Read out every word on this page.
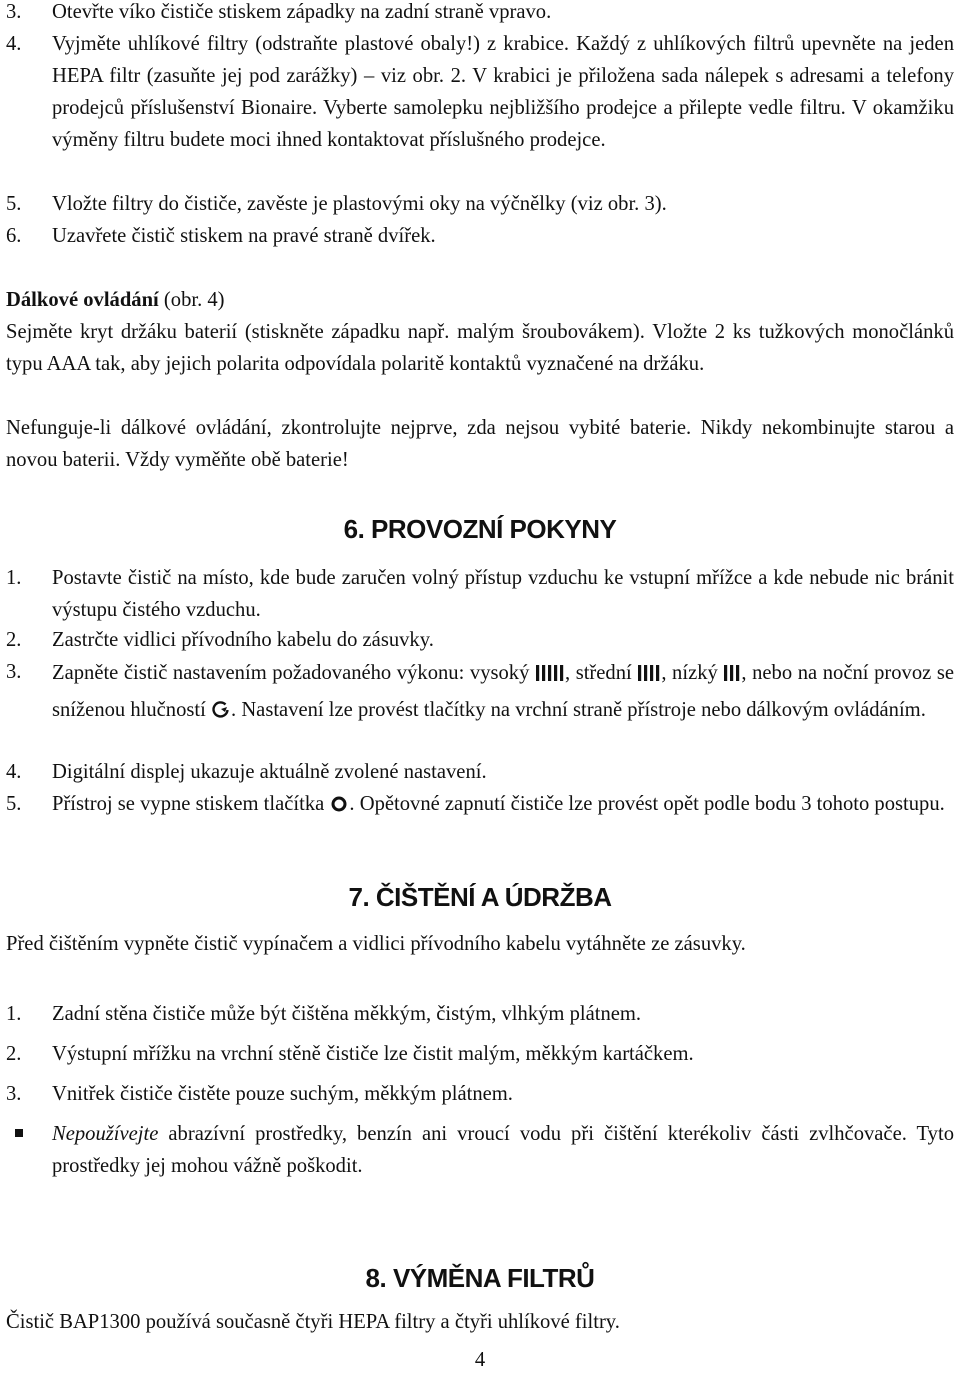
3. Otevřte víko čističe stiskem západky na zadní straně vpravo.
4. Vyjměte uhlíkové filtry (odstraňte plastové obaly!) z krabice. Každý z uhlíkových filtrů upevněte na jeden HEPA filtr (zasuňte jej pod zarážky) – viz obr. 2. V krabici je přiložena sada nálepek s adresami a telefony prodejců příslušenství Bionaire. Vyberte samolepku nejbližšího prodejce a přilepte vedle filtru. V okamžiku výměny filtru budete moci ihned kontaktovat příslušného prodejce.
5. Vložte filtry do čističe, zavěste je plastovými oky na výčnělky (viz obr. 3).
6. Uzavřete čistič stiskem na pravé straně dvířek.
Dálkové ovládání (obr. 4)
Sejměte kryt držáku baterií (stiskněte západku např. malým šroubovákem). Vložte 2 ks tužkových monočlánků typu AAA tak, aby jejich polarita odpovídala polaritě kontaktů vyznačené na držáku.
Nefunguje-li dálkové ovládání, zkontrolujte nejprve, zda nejsou vybité baterie. Nikdy nekombinujte starou a novou baterii. Vždy vyměňte obě baterie!
6. PROVOZNÍ POKYNY
1. Postavte čistič na místo, kde bude zaručen volný přístup vzduchu ke vstupní mřížce a kde nebude nic bránit výstupu čistého vzduchu.
2. Zastrčte vidlici přívodního kabelu do zásuvky.
3. Zapněte čistič nastavením požadovaného výkonu: vysoký , střední , nízký , nebo na noční provoz se sníženou hlučností . Nastavení lze provést tlačítky na vrchní straně přístroje nebo dálkovým ovládáním.
4. Digitální displej ukazuje aktuálně zvolené nastavení.
5. Přístroj se vypne stiskem tlačítka . Opětovné zapnutí čističe lze provést opět podle bodu 3 tohoto postupu.
7. ČIŠTĚNÍ A ÚDRŽBA
Před čištěním vypněte čistič vypínačem a vidlici přívodního kabelu vytáhněte ze zásuvky.
1. Zadní stěna čističe může být čištěna měkkým, čistým, vlhkým plátnem.
2. Výstupní mřížku na vrchní stěně čističe lze čistit malým, měkkým kartáčkem.
3. Vnitřek čističe čistěte pouze suchým, měkkým plátnem.
Nepoužívejte abrazívní prostředky, benzín ani vroucí vodu při čištění kterékoliv části zvlhčovače. Tyto prostředky jej mohou vážně poškodit.
8. VÝMĚNA FILTRŮ
Čistič BAP1300 používá současně čtyři HEPA filtry a čtyři uhlíkové filtry.
4
